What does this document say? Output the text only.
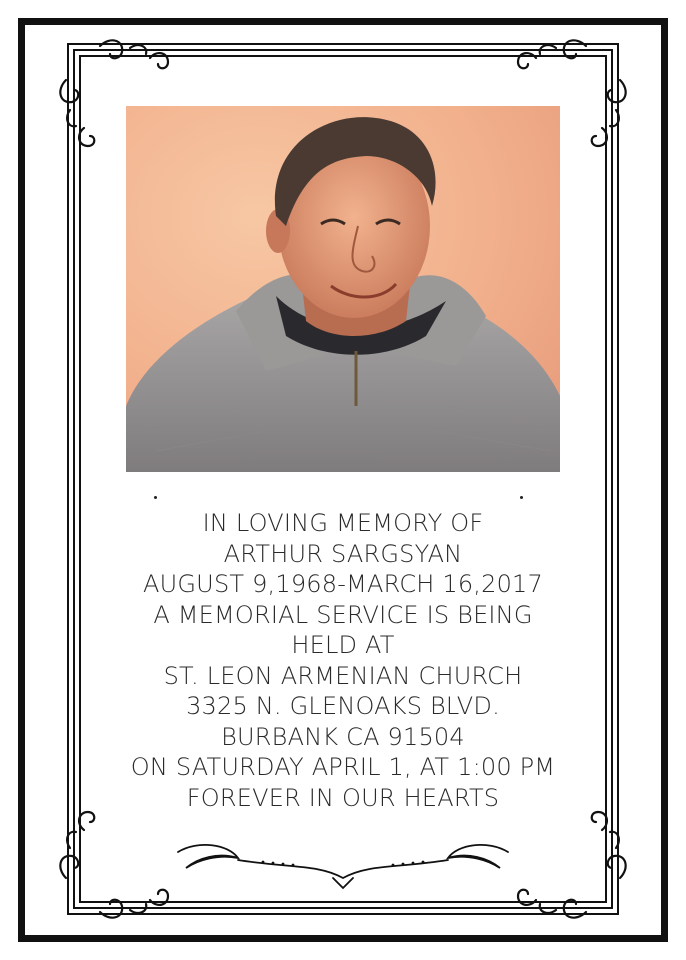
IN LOVING MEMORY OF
ARTHUR SARGSYAN
AUGUST 9,1968-MARCH 16,2017
A MEMORIAL SERVICE IS BEING
HELD AT
ST. LEON ARMENIAN CHURCH
3325 N. GLENOAKS BLVD.
BURBANK CA 91504
ON SATURDAY APRIL 1, AT 1:00 PM
FOREVER IN OUR HEARTS
